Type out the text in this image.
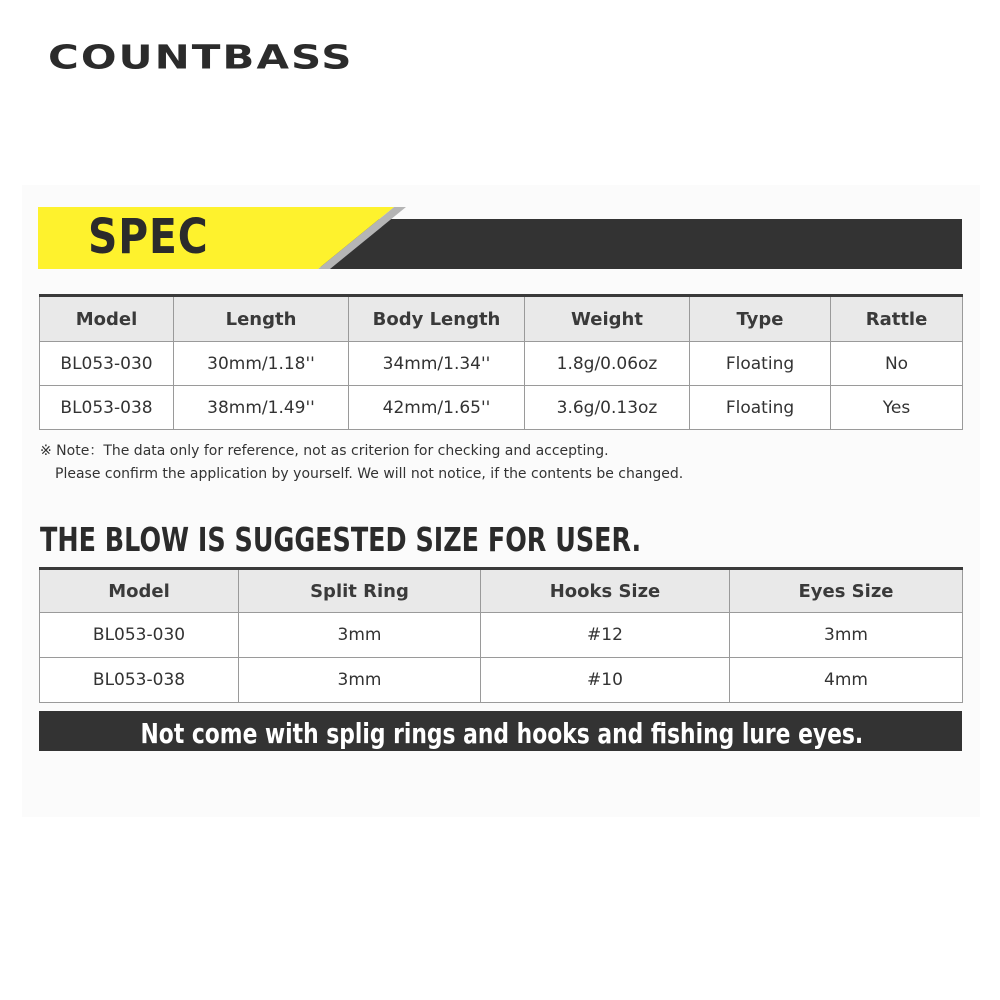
COUNTBASS
SPEC
Model	Length	Body Length	Weight	Type	Rattle
BL053-030	30mm/1.18''	34mm/1.34''	1.8g/0.06oz	Floating	No
BL053-038	38mm/1.49''	42mm/1.65''	3.6g/0.13oz	Floating	Yes

※ Note：The data only for reference, not as criterion for checking and accepting.
Please confirm the application by yourself. We will not notice, if the contents be changed.

THE BLOW IS SUGGESTED SIZE FOR USER.
Model	Split Ring	Hooks Size	Eyes Size
BL053-030	3mm	#12	3mm
BL053-038	3mm	#10	4mm

Not come with splig rings and hooks and fishing lure eyes.
